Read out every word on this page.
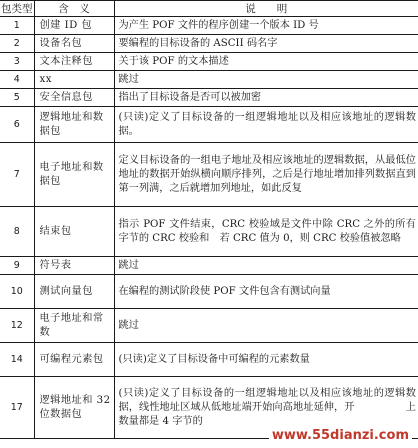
包类型	含　义	说　　明
1	创建 ID 包	为产生 POF 文件的程序创建一个版本 ID 号
2	设备名包	要编程的目标设备的 ASCII 码名字
3	文本注释包	关于该 POF 的文本描述
4	xx	跳过
5	安全信息包	指出了目标设备是否可以被加密
6	逻辑地址和数据包	(只读)定义了目标设备的一组逻辑地址以及相应该地址的逻辑数据。
7	电子地址和数据包	定义目标设备的一组电子地址及相应该地址的逻辑数据，从最低位地址的数据开始纵横向顺序排列，之后是行地址增加排列数据直到第一列满，之后就增加列地址，如此反复
8	结束包	指示 POF 文件结束，CRC 校验域是文件中除 CRC 之外的所有字节的 CRC 校验和　若 CRC 值为 0，则 CRC 校验值被忽略
9	符号表	跳过
10	测试向量包	在编程的测试阶段使 POF 文件包含有测试向量
12	电子地址和常数	跳过
14	可编程元素包	(只读)定义了目标设备中可编程的元素数量
17	逻辑地址和 32 位数据包	(只读)定义了目标设备的一组逻辑地址以及相应该地址的逻辑数据，线性地址区域从低地址端开始向高地址延伸，开　　　　　上数量都是 4 字节的
www.55dianzi.com
